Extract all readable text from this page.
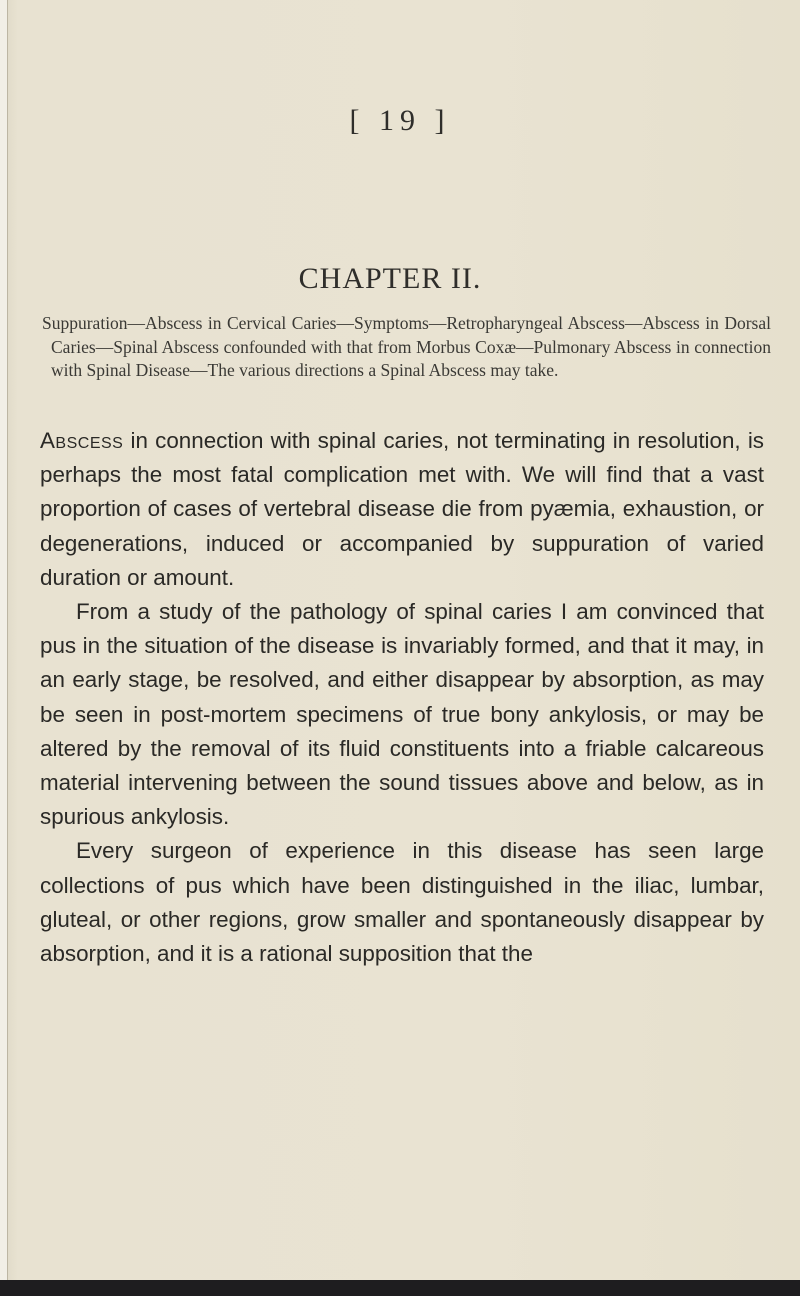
[ 19 ]
CHAPTER II.
Suppuration—Abscess in Cervical Caries—Symptoms—Retropharyngeal Abscess—Abscess in Dorsal Caries—Spinal Abscess confounded with that from Morbus Coxæ—Pulmonary Abscess in connection with Spinal Disease—The various directions a Spinal Abscess may take.

Abscess in connection with spinal caries, not terminating in resolution, is perhaps the most fatal complication met with. We will find that a vast proportion of cases of vertebral disease die from pyæmia, exhaustion, or degenerations, induced or accompanied by suppuration of varied duration or amount.

From a study of the pathology of spinal caries I am convinced that pus in the situation of the disease is invariably formed, and that it may, in an early stage, be resolved, and either disappear by absorption, as may be seen in post-mortem specimens of true bony ankylosis, or may be altered by the removal of its fluid constituents into a friable calcareous material intervening between the sound tissues above and below, as in spurious ankylosis.

Every surgeon of experience in this disease has seen large collections of pus which have been distinguished in the iliac, lumbar, gluteal, or other regions, grow smaller and spontaneously disappear by absorption, and it is a rational supposition that the
